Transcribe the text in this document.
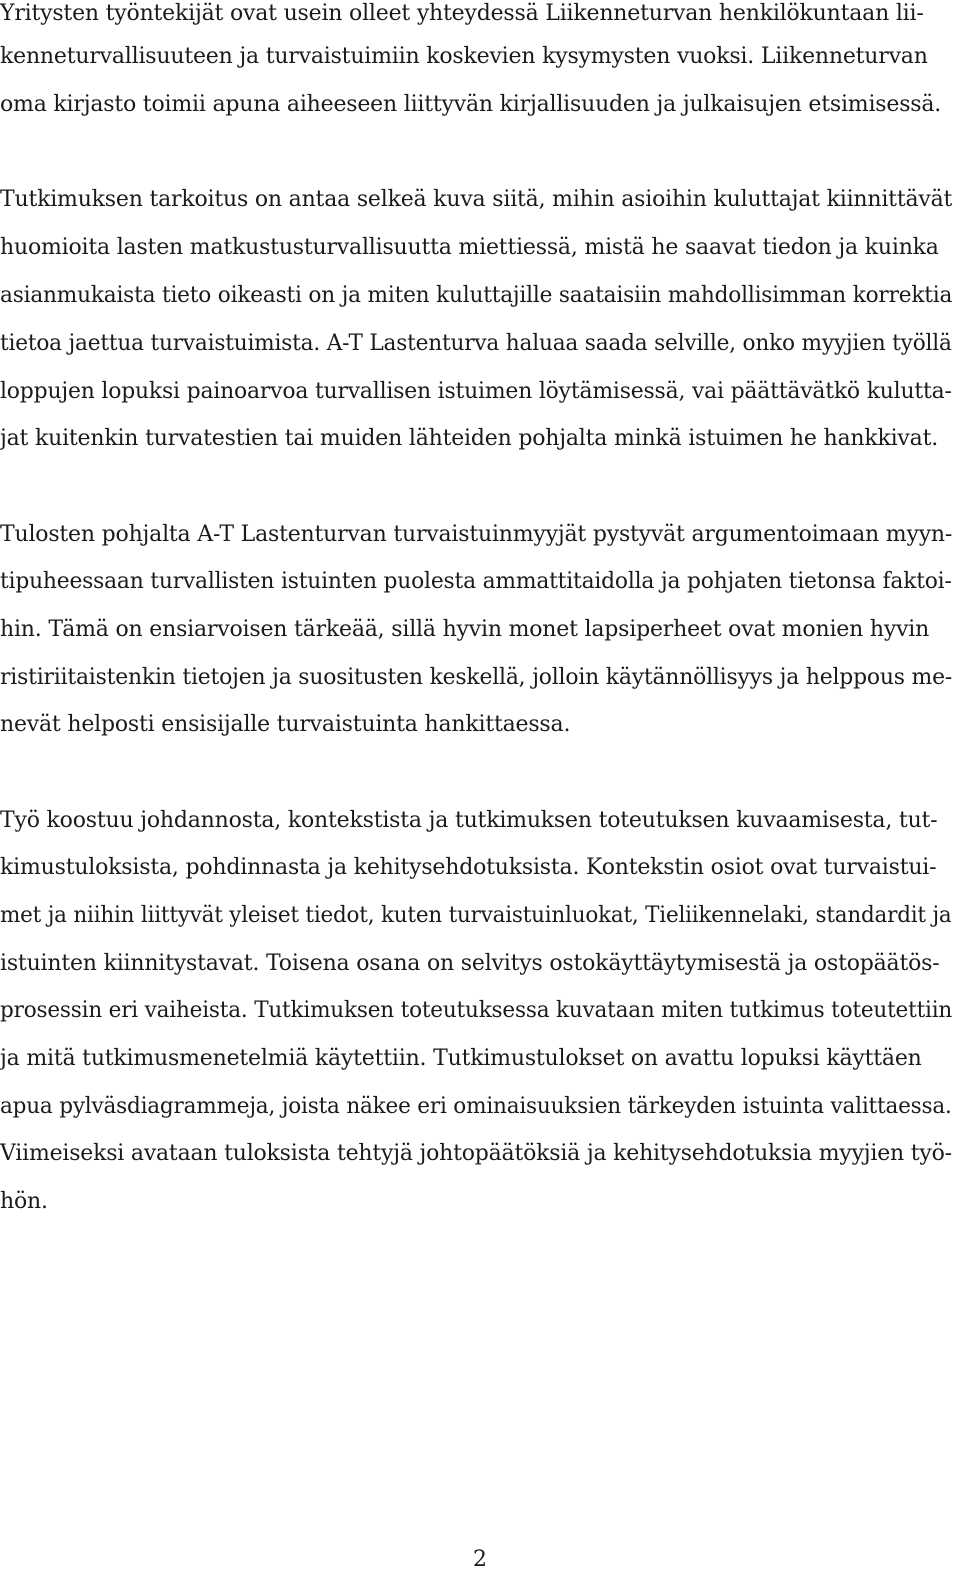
Yritysten työntekijät ovat usein olleet yhteydessä Liikenneturvan henkilökuntaan lii-
kenneturvallisuuteen ja turvaistuimiin koskevien kysymysten vuoksi. Liikenneturvan
oma kirjasto toimii apuna aiheeseen liittyvän kirjallisuuden ja julkaisujen etsimisessä.
Tutkimuksen tarkoitus on antaa selkeä kuva siitä, mihin asioihin kuluttajat kiinnittävät
huomioita lasten matkustusturvallisuutta miettiessä, mistä he saavat tiedon ja kuinka
asianmukaista tieto oikeasti on ja miten kuluttajille saataisiin mahdollisimman korrektia
tietoa jaettua turvaistuimista. A-T Lastenturva haluaa saada selville, onko myyjien työllä
loppujen lopuksi painoarvoa turvallisen istuimen löytämisessä, vai päättävätkö kulutta-
jat kuitenkin turvatestien tai muiden lähteiden pohjalta minkä istuimen he hankkivat.
Tulosten pohjalta A-T Lastenturvan turvaistuinmyyjät pystyvät argumentoimaan myyn-
tipuheessaan turvallisten istuinten puolesta ammattitaidolla ja pohjaten tietonsa faktoi-
hin. Tämä on ensiarvoisen tärkeää, sillä hyvin monet lapsiperheet ovat monien hyvin
ristiriitaistenkin tietojen ja suositusten keskellä, jolloin käytännöllisyys ja helppous me-
nevät helposti ensisijalle turvaistuinta hankittaessa.
Työ koostuu johdannosta, kontekstista ja tutkimuksen toteutuksen kuvaamisesta, tut-
kimustuloksista, pohdinnasta ja kehitysehdotuksista. Kontekstin osiot ovat turvaistui-
met ja niihin liittyvät yleiset tiedot, kuten turvaistuinluokat, Tieliikennelaki, standardit ja
istuinten kiinnitystavat. Toisena osana on selvitys ostokäyttäytymisestä ja ostopäätös-
prosessin eri vaiheista. Tutkimuksen toteutuksessa kuvataan miten tutkimus toteutettiin
ja mitä tutkimusmenetelmiä käytettiin. Tutkimustulokset on avattu lopuksi käyttäen
apua pylväsdiagrammeja, joista näkee eri ominaisuuksien tärkeyden istuinta valittaessa.
Viimeiseksi avataan tuloksista tehtyjä johtopäätöksiä ja kehitysehdotuksia myyjien työ-
hön.
2
